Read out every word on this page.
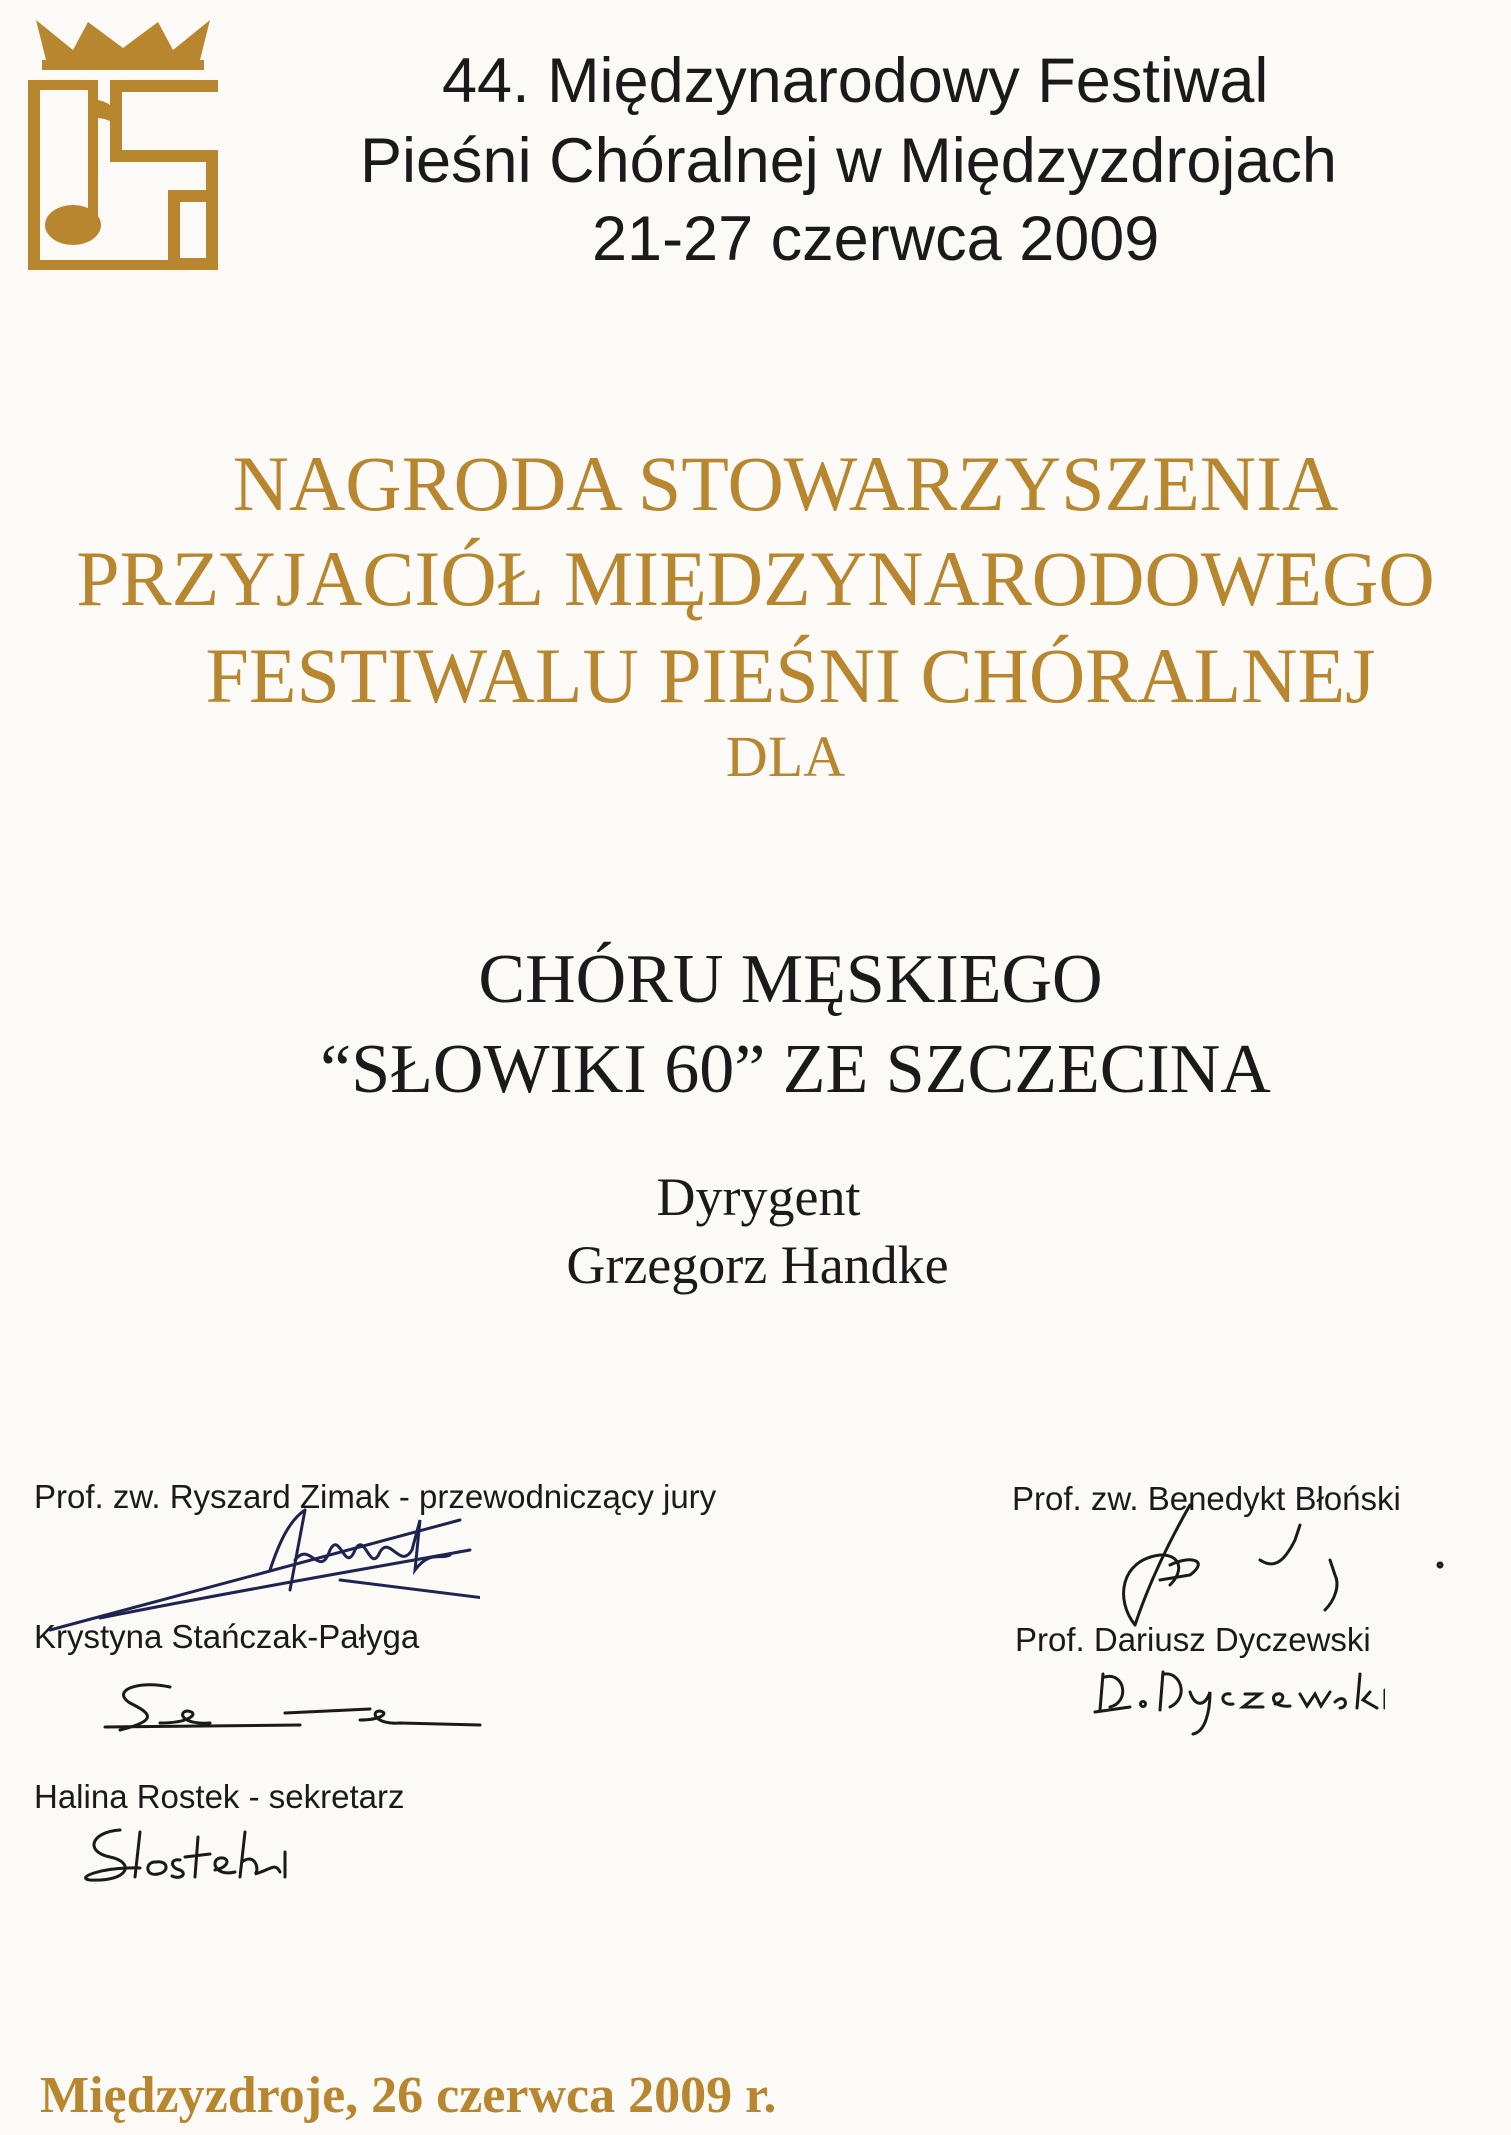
44. Międzynarodowy Festiwal
Pieśni Chóralnej w Międzyzdrojach
21-27 czerwca 2009
NAGRODA STOWARZYSZENIA
PRZYJACIÓŁ MIĘDZYNARODOWEGO
FESTIWALU PIEŚNI CHÓRALNEJ
DLA
CHÓRU MĘSKIEGO
“SŁOWIKI 60” ZE SZCZECINA
Dyrygent
Grzegorz Handke
Prof. zw. Ryszard Zimak - przewodniczący jury
Krystyna Stańczak-Pałyga
Halina Rostek - sekretarz
Prof. zw. Benedykt Błoński
Prof. Dariusz Dyczewski
Międzyzdroje, 26 czerwca 2009 r.
